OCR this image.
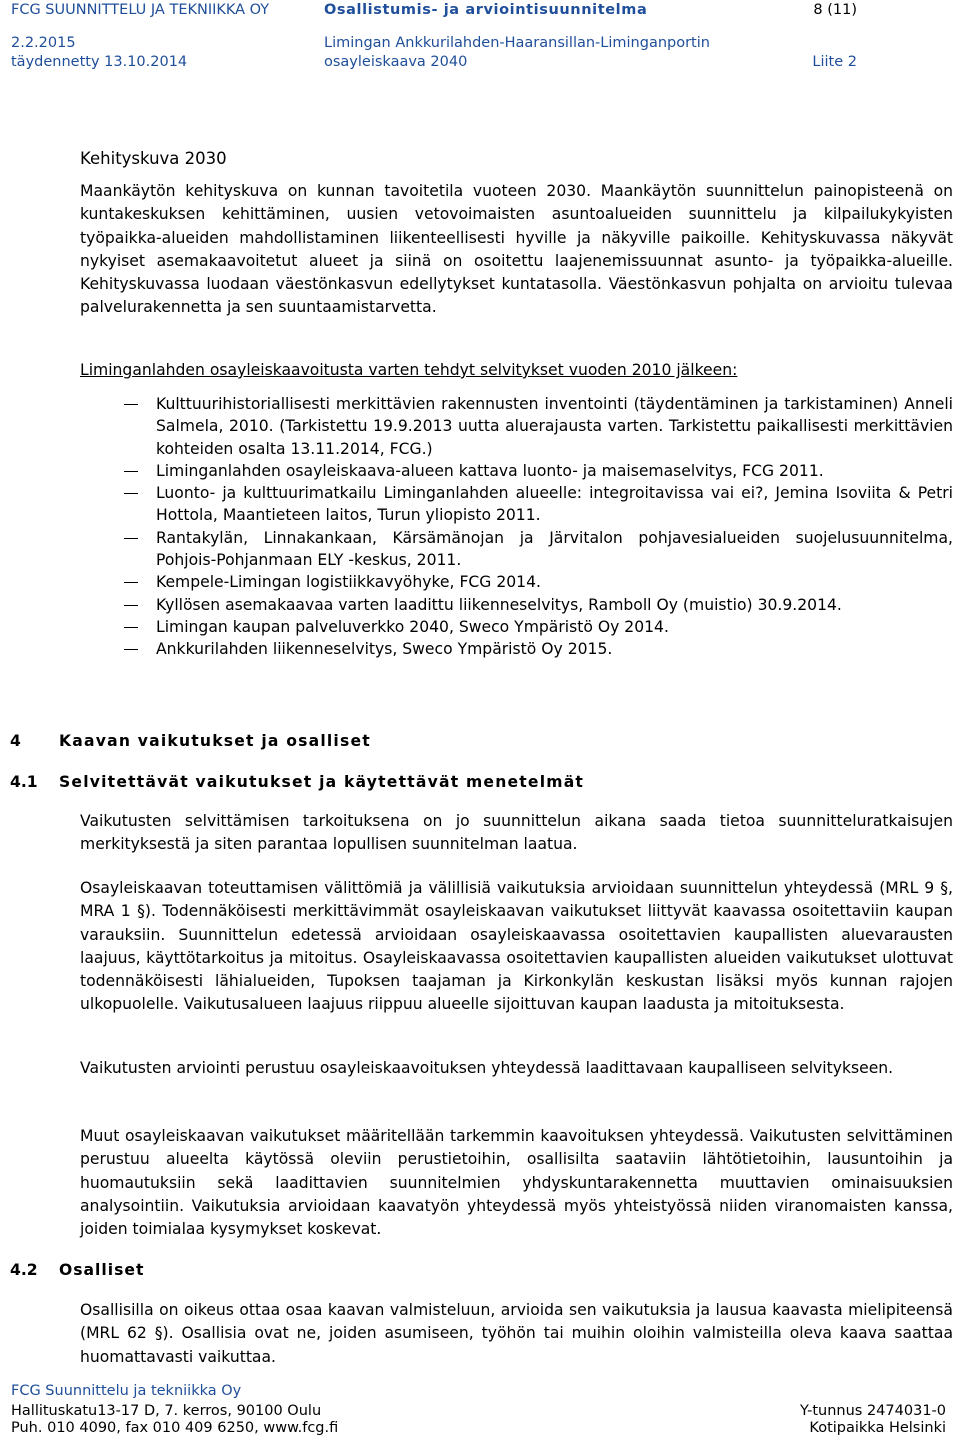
FCG SUUNNITTELU JA TEKNIIKKA OY	Osallistumis- ja arviointisuunnitelma	8 (11)
2.2.2015	Limingan Ankkurilahden-Haaransillan-Liminganportin
täydennetty 13.10.2014	osayleiskaava 2040	Liite 2
Kehityskuva 2030

Maankäytön kehityskuva on kunnan tavoitetila vuoteen 2030. Maankäytön suunnittelun painopisteenä on kuntakeskuksen kehittäminen, uusien vetovoimaisten asuntoalueiden suunnittelu ja kilpailukykyisten työpaikka-alueiden mahdollistaminen liikenteellisesti hyville ja näkyville paikoille. Kehityskuvassa näkyvät nykyiset asemakaavoitetut alueet ja siinä on osoitettu laajenemissuunnat asunto- ja työpaikka-alueille. Kehityskuvassa luodaan väestönkasvun edellytykset kuntatasolla. Väestönkasvun pohjalta on arvioitu tulevaa palvelurakennetta ja sen suuntaamistarvetta.

Liminganlahden osayleiskaavoitusta varten tehdyt selvitykset vuoden 2010 jälkeen:
Kulttuurihistoriallisesti merkittävien rakennusten inventointi (täydentäminen ja tarkistaminen) Anneli Salmela, 2010. (Tarkistettu 19.9.2013 uutta aluerajausta varten. Tarkistettu paikallisesti merkittävien kohteiden osalta 13.11.2014, FCG.)
Liminganlahden osayleiskaava-alueen kattava luonto- ja maisemaselvitys, FCG 2011.
Luonto- ja kulttuurimatkailu Liminganlahden alueelle: integroitavissa vai ei?, Jemina Isoviita & Petri Hottola, Maantieteen laitos, Turun yliopisto 2011.
Rantakylän, Linnakankaan, Kärsämänojan ja Järvitalon pohjavesialueiden suojelusuunnitelma, Pohjois-Pohjanmaan ELY -keskus, 2011.
Kempele-Limingan logistiikkavyöhyke, FCG 2014.
Kyllösen asemakaavaa varten laadittu liikenneselvitys, Ramboll Oy (muistio) 30.9.2014.
Limingan kaupan palveluverkko 2040, Sweco Ympäristö Oy 2014.
Ankkurilahden liikenneselvitys, Sweco Ympäristö Oy 2015.
4 Kaavan vaikutukset ja osalliset
4.1 Selvitettävät vaikutukset ja käytettävät menetelmät

Vaikutusten selvittämisen tarkoituksena on jo suunnittelun aikana saada tietoa suunnitteluratkaisujen merkityksestä ja siten parantaa lopullisen suunnitelman laatua.

Osayleiskaavan toteuttamisen välittömiä ja välillisiä vaikutuksia arvioidaan suunnittelun yhteydessä (MRL 9 §, MRA 1 §). Todennäköisesti merkittävimmät osayleiskaavan vaikutukset liittyvät kaavassa osoitettaviin kaupan varauksiin. Suunnittelun edetessä arvioidaan osayleiskaavassa osoitettavien kaupallisten aluevarausten laajuus, käyttötarkoitus ja mitoitus. Osayleiskaavassa osoitettavien kaupallisten alueiden vaikutukset ulottuvat todennäköisesti lähialueiden, Tupoksen taajaman ja Kirkonkylän keskustan lisäksi myös kunnan rajojen ulkopuolelle. Vaikutusalueen laajuus riippuu alueelle sijoittuvan kaupan laadusta ja mitoituksesta.

Vaikutusten arviointi perustuu osayleiskaavoituksen yhteydessä laadittavaan kaupalliseen selvitykseen.

Muut osayleiskaavan vaikutukset määritellään tarkemmin kaavoituksen yhteydessä. Vaikutusten selvittäminen perustuu alueelta käytössä oleviin perustietoihin, osallisilta saataviin lähtötietoihin, lausuntoihin ja huomautuksiin sekä laadittavien suunnitelmien yhdyskuntarakennetta muuttavien ominaisuuksien analysointiin. Vaikutuksia arvioidaan kaavatyön yhteydessä myös yhteistyössä niiden viranomaisten kanssa, joiden toimialaa kysymykset koskevat.

4.2 Osalliset

Osallisilla on oikeus ottaa osaa kaavan valmisteluun, arvioida sen vaikutuksia ja lausua kaavasta mielipiteensä (MRL 62 §). Osallisia ovat ne, joiden asumiseen, työhön tai muihin oloihin valmisteilla oleva kaava saattaa huomattavasti vaikuttaa.

FCG Suunnittelu ja tekniikka Oy
Hallituskatu13-17 D, 7. kerros, 90100 Oulu	Y-tunnus 2474031-0
Puh. 010 4090, fax 010 409 6250, www.fcg.fi	Kotipaikka Helsinki
